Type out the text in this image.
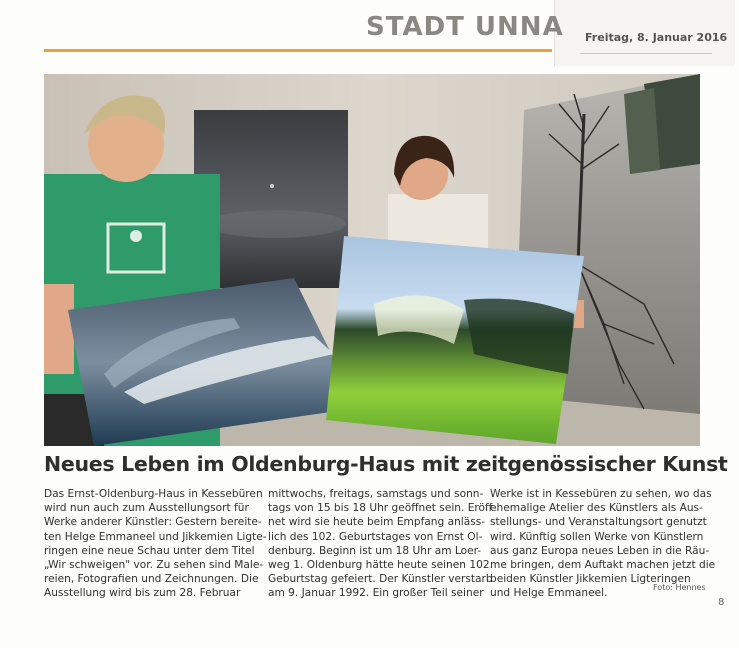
Freitag, 8. Januar 2016
STADT UNNA
Neues Leben im Oldenburg-Haus mit zeitgenössischer Kunst
Das Ernst-Oldenburg-Haus in Kessebüren
wird nun auch zum Ausstellungsort für
Werke anderer Künstler: Gestern bereite-
ten Helge Emmaneel und Jikkemien Ligte-
ringen eine neue Schau unter dem Titel
„Wir schweigen" vor. Zu sehen sind Male-
reien, Fotografien und Zeichnungen. Die
Ausstellung wird bis zum 28. Februar
mittwochs, freitags, samstags und sonn-
tags von 15 bis 18 Uhr geöffnet sein. Eröff-
net wird sie heute beim Empfang anläss-
lich des 102. Geburtstages von Ernst Ol-
denburg. Beginn ist um 18 Uhr am Loer-
weg 1. Oldenburg hätte heute seinen 102.
Geburtstag gefeiert. Der Künstler verstarb
am 9. Januar 1992. Ein großer Teil seiner
Werke ist in Kessebüren zu sehen, wo das
ehemalige Atelier des Künstlers als Aus-
stellungs- und Veranstaltungsort genutzt
wird. Künftig sollen Werke von Künstlern
aus ganz Europa neues Leben in die Räu-
me bringen, dem Auftakt machen jetzt die
beiden Künstler Jikkemien Ligteringen
und Helge Emmaneel.	Foto: Hennes
8
